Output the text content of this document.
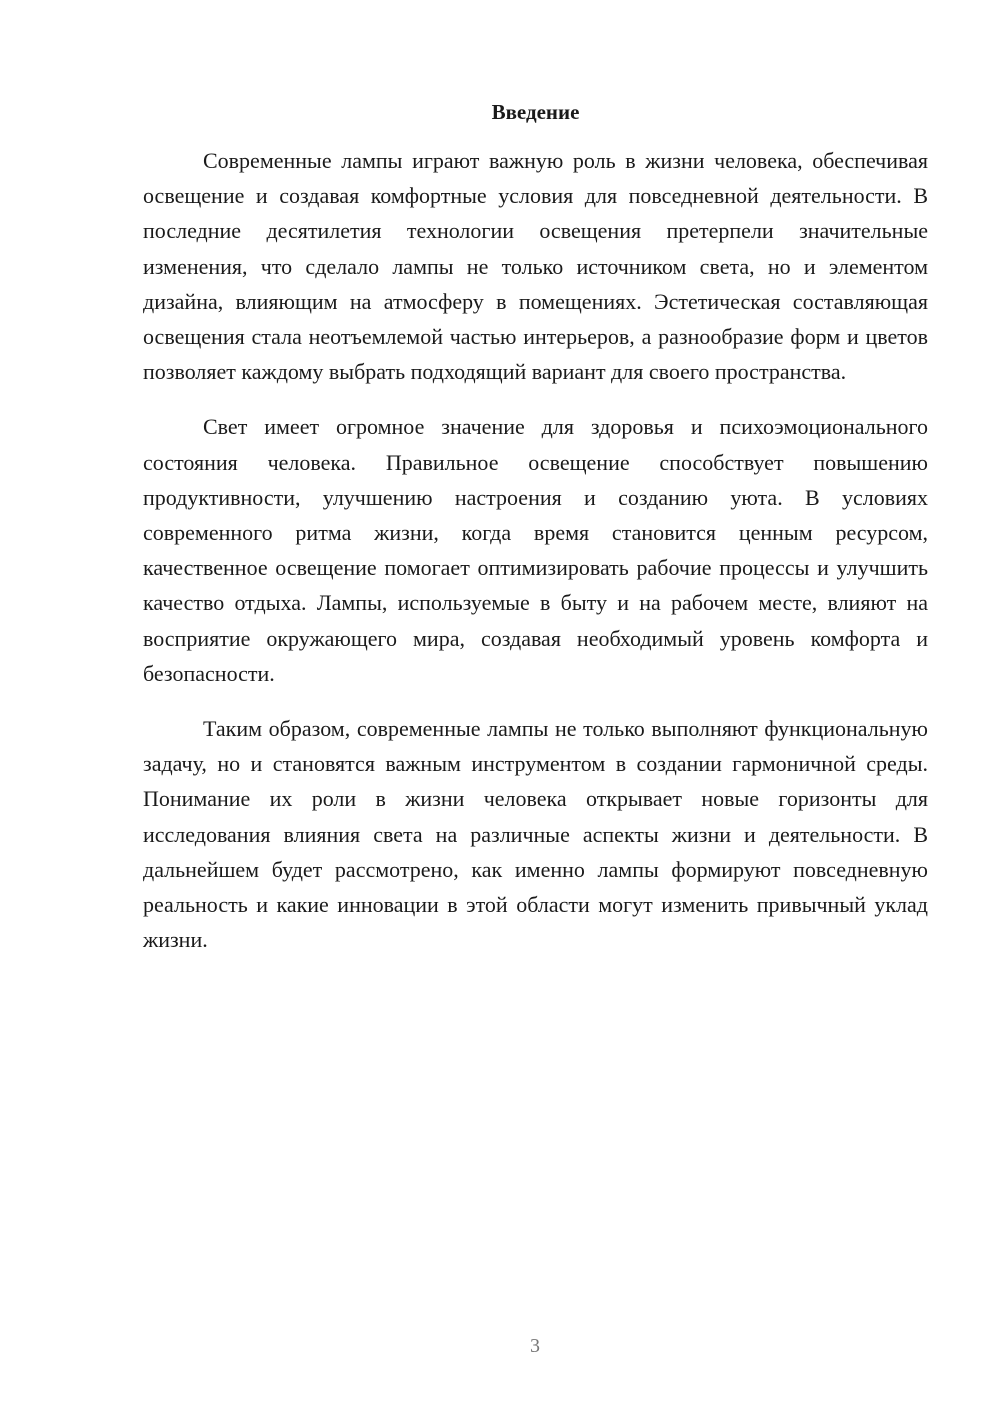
Введение

Современные лампы играют важную роль в жизни человека, обеспечивая освещение и создавая комфортные условия для повседневной деятельности. В последние десятилетия технологии освещения претерпели значительные изменения, что сделало лампы не только источником света, но и элементом дизайна, влияющим на атмосферу в помещениях. Эстетическая составляющая освещения стала неотъемлемой частью интерьеров, а разнообразие форм и цветов позволяет каждому выбрать подходящий вариант для своего пространства.

Свет имеет огромное значение для здоровья и психоэмоционального состояния человека. Правильное освещение способствует повышению продуктивности, улучшению настроения и созданию уюта. В условиях современного ритма жизни, когда время становится ценным ресурсом, качественное освещение помогает оптимизировать рабочие процессы и улучшить качество отдыха. Лампы, используемые в быту и на рабочем месте, влияют на восприятие окружающего мира, создавая необходимый уровень комфорта и безопасности.

Таким образом, современные лампы не только выполняют функциональную задачу, но и становятся важным инструментом в создании гармоничной среды. Понимание их роли в жизни человека открывает новые горизонты для исследования влияния света на различные аспекты жизни и деятельности. В дальнейшем будет рассмотрено, как именно лампы формируют повседневную реальность и какие инновации в этой области могут изменить привычный уклад жизни.

3
